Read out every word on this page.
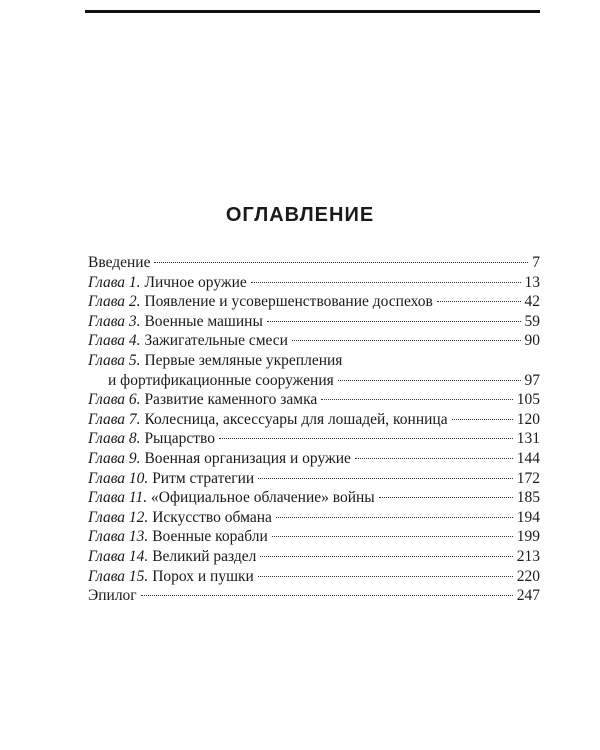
ОГЛАВЛЕНИЕ
Введение	7
Глава 1. Личное оружие	13
Глава 2. Появление и усовершенствование доспехов	42
Глава 3. Военные машины	59
Глава 4. Зажигательные смеси	90
Глава 5. Первые земляные укрепления
и фортификационные сооружения	97
Глава 6. Развитие каменного замка	105
Глава 7. Колесница, аксессуары для лошадей, конница	120
Глава 8. Рыцарство	131
Глава 9. Военная организация и оружие	144
Глава 10. Ритм стратегии	172
Глава 11. «Официальное облачение» войны	185
Глава 12. Искусство обмана	194
Глава 13. Военные корабли	199
Глава 14. Великий раздел	213
Глава 15. Порох и пушки	220
Эпилог	247
